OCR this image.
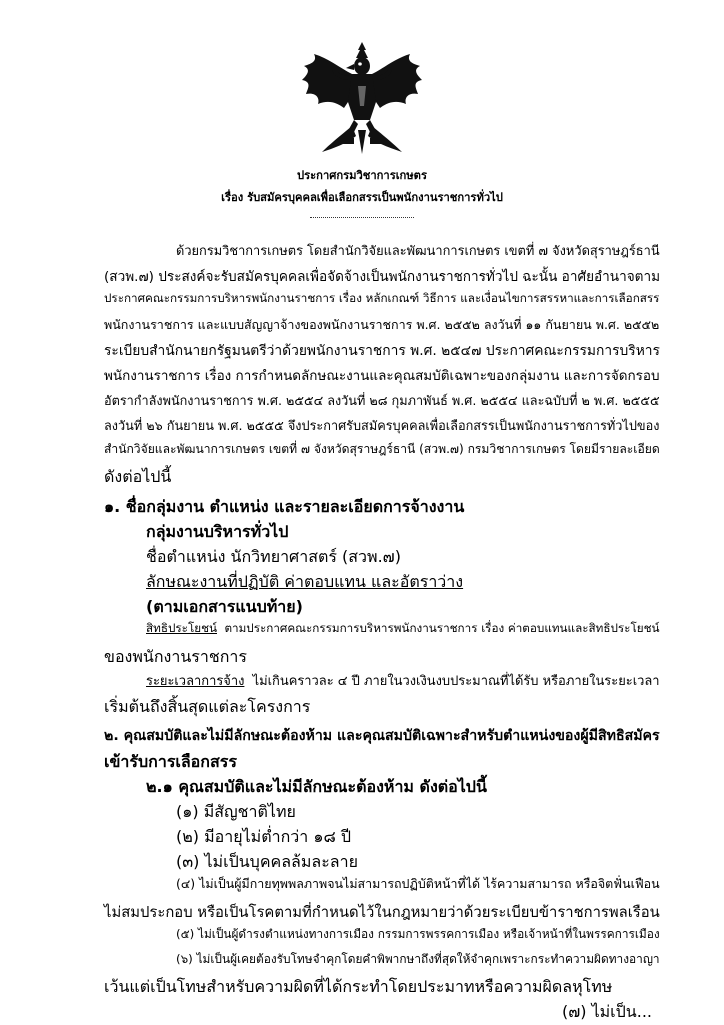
ประกาศกรมวิชาการเกษตร
เรื่อง รับสมัครบุคคลเพื่อเลือกสรรเป็นพนักงานราชการทั่วไป
ด้วยกรมวิชาการเกษตร โดยสำนักวิจัยและพัฒนาการเกษตร เขตที่ ๗ จังหวัดสุราษฎร์ธานี
(สวพ.๗) ประสงค์จะรับสมัครบุคคลเพื่อจัดจ้างเป็นพนักงานราชการทั่วไป ฉะนั้น อาศัยอำนาจตาม
ประกาศคณะกรรมการบริหารพนักงานราชการ เรื่อง หลักเกณฑ์ วิธีการ และเงื่อนไขการสรรหาและการเลือกสรร
พนักงานราชการ และแบบสัญญาจ้างของพนักงานราชการ พ.ศ. ๒๕๕๒ ลงวันที่ ๑๑ กันยายน พ.ศ. ๒๕๕๒
ระเบียบสำนักนายกรัฐมนตรีว่าด้วยพนักงานราชการ พ.ศ. ๒๕๔๗ ประกาศคณะกรรมการบริหาร
พนักงานราชการ เรื่อง การกำหนดลักษณะงานและคุณสมบัติเฉพาะของกลุ่มงาน และการจัดกรอบ
อัตรากำลังพนักงานราชการ พ.ศ. ๒๕๕๔ ลงวันที่ ๒๘ กุมภาพันธ์ พ.ศ. ๒๕๕๔ และฉบับที่ ๒ พ.ศ. ๒๕๕๕
ลงวันที่ ๒๖ กันยายน พ.ศ. ๒๕๕๕ จึงประกาศรับสมัครบุคคลเพื่อเลือกสรรเป็นพนักงานราชการทั่วไปของ
สำนักวิจัยและพัฒนาการเกษตร เขตที่ ๗ จังหวัดสุราษฎร์ธานี (สวพ.๗) กรมวิชาการเกษตร โดยมีรายละเอียด
ดังต่อไปนี้
๑. ชื่อกลุ่มงาน ตำแหน่ง และรายละเอียดการจ้างงาน
กลุ่มงานบริหารทั่วไป
ชื่อตำแหน่ง นักวิทยาศาสตร์ (สวพ.๗)
ลักษณะงานที่ปฏิบัติ ค่าตอบแทน และอัตราว่าง
(ตามเอกสารแนบท้าย)
สิทธิประโยชน์ ตามประกาศคณะกรรมการบริหารพนักงานราชการ เรื่อง ค่าตอบแทนและสิทธิประโยชน์
ของพนักงานราชการ
ระยะเวลาการจ้าง ไม่เกินคราวละ ๔ ปี ภายในวงเงินงบประมาณที่ได้รับ หรือภายในระยะเวลา
เริ่มต้นถึงสิ้นสุดแต่ละโครงการ
๒. คุณสมบัติและไม่มีลักษณะต้องห้าม และคุณสมบัติเฉพาะสำหรับตำแหน่งของผู้มีสิทธิสมัคร
เข้ารับการเลือกสรร
๒.๑ คุณสมบัติและไม่มีลักษณะต้องห้าม ดังต่อไปนี้
(๑) มีสัญชาติไทย
(๒) มีอายุไม่ต่ำกว่า ๑๘ ปี
(๓) ไม่เป็นบุคคลล้มละลาย
(๔) ไม่เป็นผู้มีกายทุพพลภาพจนไม่สามารถปฏิบัติหน้าที่ได้ ไร้ความสามารถ หรือจิตฟั่นเฟือน
ไม่สมประกอบ หรือเป็นโรคตามที่กำหนดไว้ในกฎหมายว่าด้วยระเบียบข้าราชการพลเรือน
(๕) ไม่เป็นผู้ดำรงตำแหน่งทางการเมือง กรรมการพรรคการเมือง หรือเจ้าหน้าที่ในพรรคการเมือง
(๖) ไม่เป็นผู้เคยต้องรับโทษจำคุกโดยคำพิพากษาถึงที่สุดให้จำคุกเพราะกระทำความผิดทางอาญา
เว้นแต่เป็นโทษสำหรับความผิดที่ได้กระทำโดยประมาทหรือความผิดลหุโทษ
(๗) ไม่เป็น...
